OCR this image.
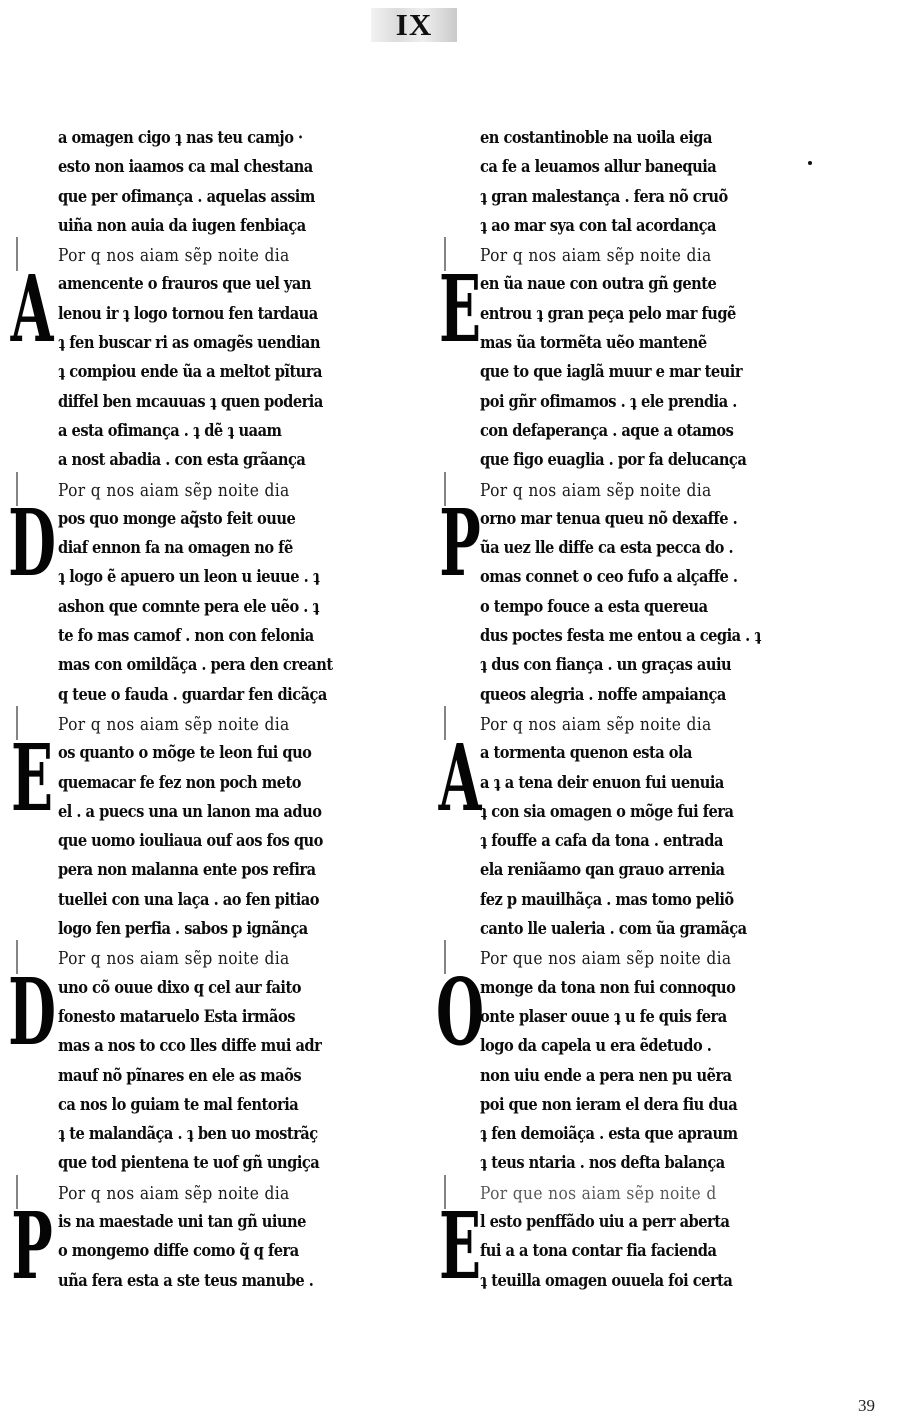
IX
a omagen cigo ʇ nas teu camjo ·
esto non iaamos ca mal chestana
que per ofimança . aquelas assim
uiña non auia da iugen fenbiaça
Por q nos aiam sẽp noite dia
amencente o frauros que uel yan
lenou ir ʇ logo tornou fen tardaua
ʇ fen buscar ri as omagẽs uendian
ʇ compiou ende ũa a meltot pĩtura
diffel ben mcauuas ʇ quen poderia
a esta ofimança . ʇ dẽ ʇ uaam
a nost abadia . con esta grãança
Por q nos aiam sẽp noite dia
pos quo monge aq̃sto feit ouue
diaf ennon fa na omagen no fẽ
ʇ logo ẽ apuero un leon u ieuue . ʇ
ashon que comnte pera ele uẽo . ʇ
te fo mas camof . non con felonia
mas con omildãça . pera den creant
q teue o fauda . guardar fen dicãça
Por q nos aiam sẽp noite dia
os quanto o mõge te leon fui quo
quemacar fe fez non poch meto
el . a puecs una un lanon ma aduo
que uomo iouliaua ouf aos fos quo
pera non malanna ente pos refira
tuellei con una laça . ao fen pitiao
logo fen perfia . sabos p ignãnça
Por q nos aiam sẽp noite dia
uno cõ ouue dixo q cel aur faito
fonesto mataruelo Esta irmãos
mas a nos to cco lles diffe mui adr
mauf nõ pĩnares en ele as maõs
ca nos lo guiam te mal fentoria
ʇ te malandãça . ʇ ben uo mostrãç
que tod pientena te uof gñ ungiça
Por q nos aiam sẽp noite dia
is na maestade uni tan gñ uiune
o mongemo diffe como q̃ q fera
uña fera esta a ste teus manube .
en costantinoble na uoila eiga
ca fe a leuamos allur banequia
ʇ gran malestança . fera nõ cruõ
ʇ ao mar sya con tal acordança
Por q nos aiam sẽp noite dia
en ũa naue con outra gñ gente
entrou ʇ gran peça pelo mar fugẽ
mas ũa tormẽta uẽo mantenẽ
que to que iaglã muur e mar teuir
poi gñr ofimamos . ʇ ele prendia .
con defaperança . aque a otamos
que figo euaglia . por fa delucança
Por q nos aiam sẽp noite dia
orno mar tenua queu nõ dexaffe .
ũa uez lle diffe ca esta pecca do .
omas connet o ceo fufo a alçaffe .
o tempo fouce a esta quereua
dus poctes festa me entou a cegia . ʇ
ʇ dus con fiança . un graças auiu
queos alegria . noffe ampaiança
Por q nos aiam sẽp noite dia
a tormenta quenon esta ola
a ʇ a tena deir enuon fui uenuia
ʇ con sia omagen o mõge fui fera
ʇ fouffe a cafa da tona . entrada
ela reniãamo qan grauo arrenia
fez p mauilhãça . mas tomo peliõ
canto lle ualeria . com ũa gramãça
Por que nos aiam sẽp noite dia
monge da tona non fui connoquo
onte plaser ouue ʇ u fe quis fera
logo da capela u era ẽdetudo .
non uiu ende a pera nen pu uẽra
poi que non ieram el dera fiu dua
ʇ fen demoiãça . esta que apraum
ʇ teus ntaria . nos defta balança
Por que nos aiam sẽp noite d
l esto penffãdo uiu a perr aberta
fui a a tona contar fia facienda
ʇ teuilla omagen ouuela foi certa
A
D
E
D
P
E
P
A
O
E
39
